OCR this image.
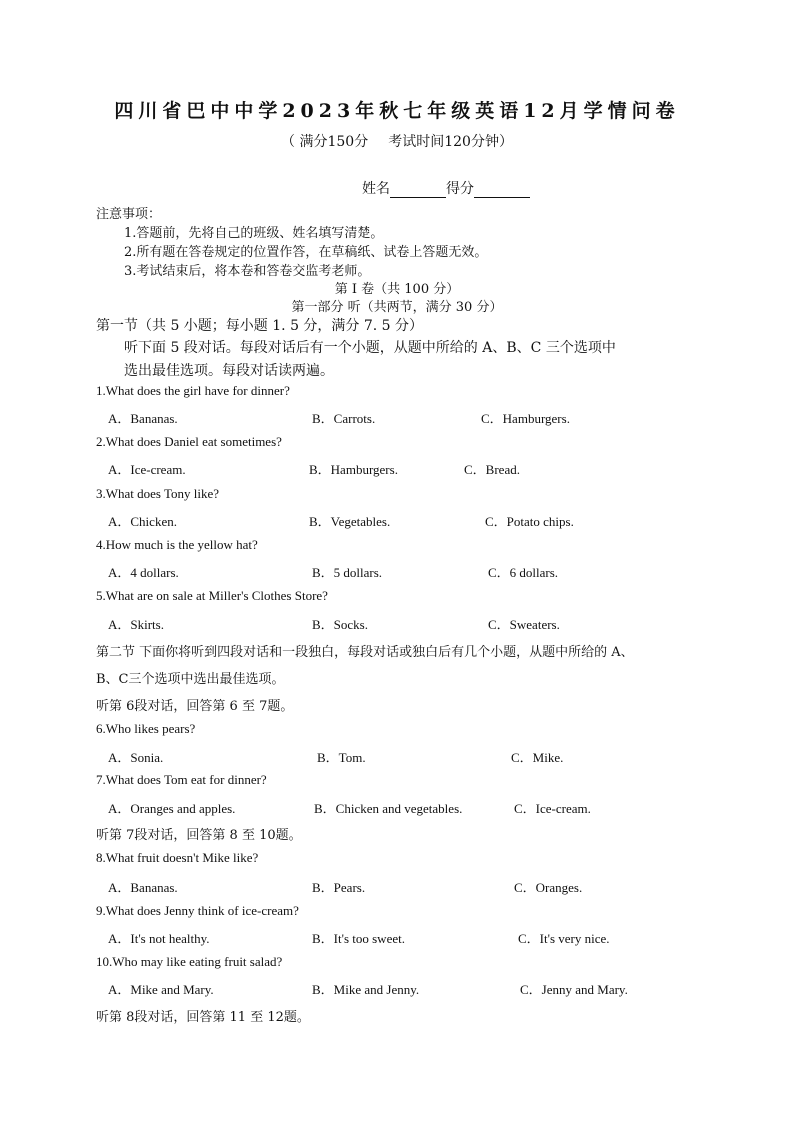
四川省巴中中学2023年秋七年级英语12月学情问卷
（ 满分150分 考试时间120分钟）
姓名	得分
注意事项：
1.答题前，先将自己的班级、姓名填写清楚。
2.所有题在答卷规定的位置作答，在草稿纸、试卷上答题无效。
3.考试结束后，将本卷和答卷交监考老师。
第 I 卷（共 100 分）
第一部分 听（共两节，满分 30 分）
第一节（共 5 小题；每小题 1. 5 分，满分 7. 5 分）
听下面 5 段对话。每段对话后有一个小题，从题中所给的 A、B、C 三个选项中
选出最佳选项。每段对话读两遍。
1.What does the girl have for dinner?
A．Bananas.	B．Carrots.	C．Hamburgers.
2.What does Daniel eat sometimes?
A．Ice-cream.	B．Hamburgers.	C．Bread.
3.What does Tony like?
A．Chicken.	B．Vegetables.	C．Potato chips.
4.How much is the yellow hat?
A．4 dollars.	B．5 dollars.	C．6 dollars.
5.What are on sale at Miller's Clothes Store?
A．Skirts.	B．Socks.	C．Sweaters.
第二节 下面你将听到四段对话和一段独白，每段对话或独白后有几个小题，从题中所给的 A、
B、C三个选项中选出最佳选项。
听第 6段对话，回答第 6 至 7题。
6.Who likes pears?
A．Sonia.	B．Tom.	C．Mike.
7.What does Tom eat for dinner?
A．Oranges and apples.	B．Chicken and vegetables.	C．Ice-cream.
听第 7段对话，回答第 8 至 10题。
8.What fruit doesn't Mike like?
A．Bananas.	B．Pears.	C．Oranges.
9.What does Jenny think of ice-cream?
A．It's not healthy.	B．It's too sweet.	C．It's very nice.
10.Who may like eating fruit salad?
A．Mike and Mary.	B．Mike and Jenny.	C．Jenny and Mary.
听第 8段对话，回答第 11 至 12题。
